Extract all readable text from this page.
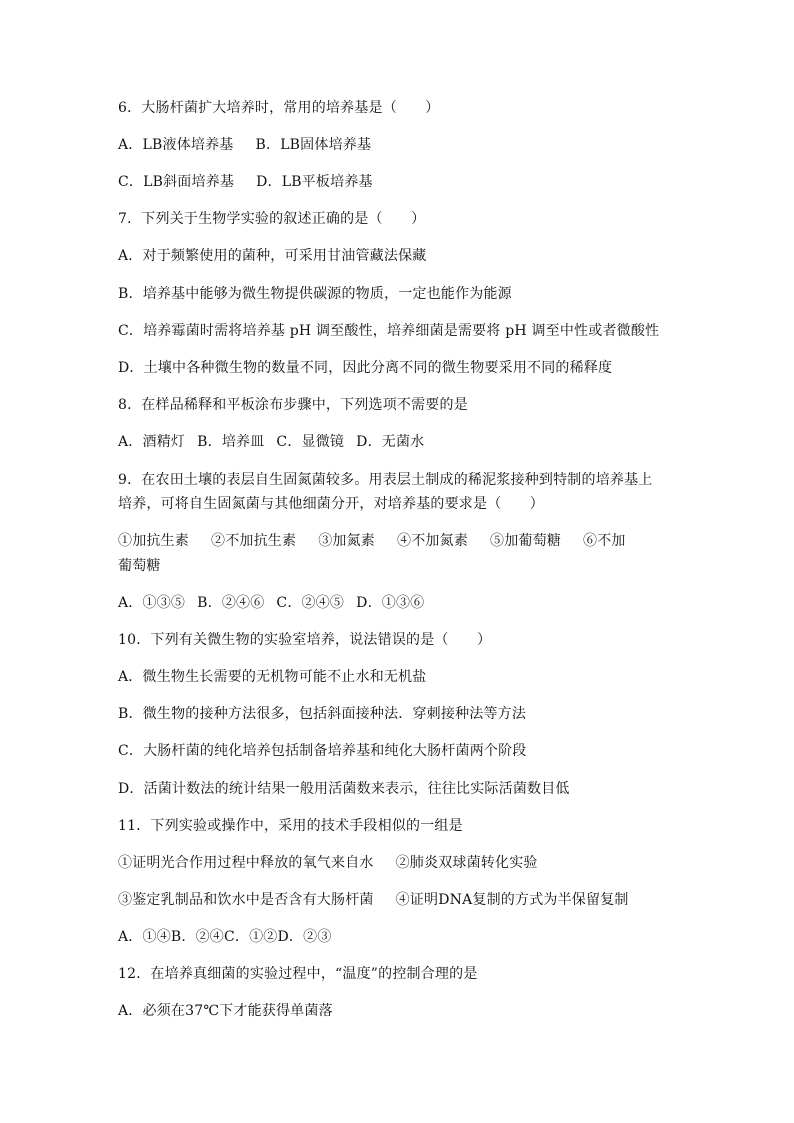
6．大肠杆菌扩大培养时，常用的培养基是（　　）
A．LB液体培养基 B．LB固体培养基
C．LB斜面培养基 D．LB平板培养基
7．下列关于生物学实验的叙述正确的是（　　）
A．对于频繁使用的菌种，可采用甘油管藏法保藏
B．培养基中能够为微生物提供碳源的物质，一定也能作为能源
C．培养霉菌时需将培养基 pH 调至酸性，培养细菌是需要将 pH 调至中性或者微酸性
D．土壤中各种微生物的数量不同，因此分离不同的微生物要采用不同的稀释度
8．在样品稀释和平板涂布步骤中，下列选项不需要的是
A．酒精灯 B．培养皿 C．显微镜 D．无菌水
9．在农田土壤的表层自生固氮菌较多。用表层土制成的稀泥浆接种到特制的培养基上
培养，可将自生固氮菌与其他细菌分开，对培养基的要求是（　　）
①加抗生素 ②不加抗生素 ③加氮素 ④不加氮素 ⑤加葡萄糖 ⑥不加
葡萄糖
A．①③⑤ B．②④⑥ C．②④⑤ D．①③⑥
10．下列有关微生物的实验室培养，说法错误的是（　　）
A．微生物生长需要的无机物可能不止水和无机盐
B．微生物的接种方法很多，包括斜面接种法．穿刺接种法等方法
C．大肠杆菌的纯化培养包括制备培养基和纯化大肠杆菌两个阶段
D．活菌计数法的统计结果一般用活菌数来表示，往往比实际活菌数目低
11．下列实验或操作中，采用的技术手段相似的一组是
①证明光合作用过程中释放的氧气来自水 ②肺炎双球菌转化实验
③鉴定乳制品和饮水中是否含有大肠杆菌 ④证明DNA复制的方式为半保留复制
A．①④B．②④C．①②D．②③
12．在培养真细菌的实验过程中，“温度”的控制合理的是
A．必须在37℃下才能获得单菌落
